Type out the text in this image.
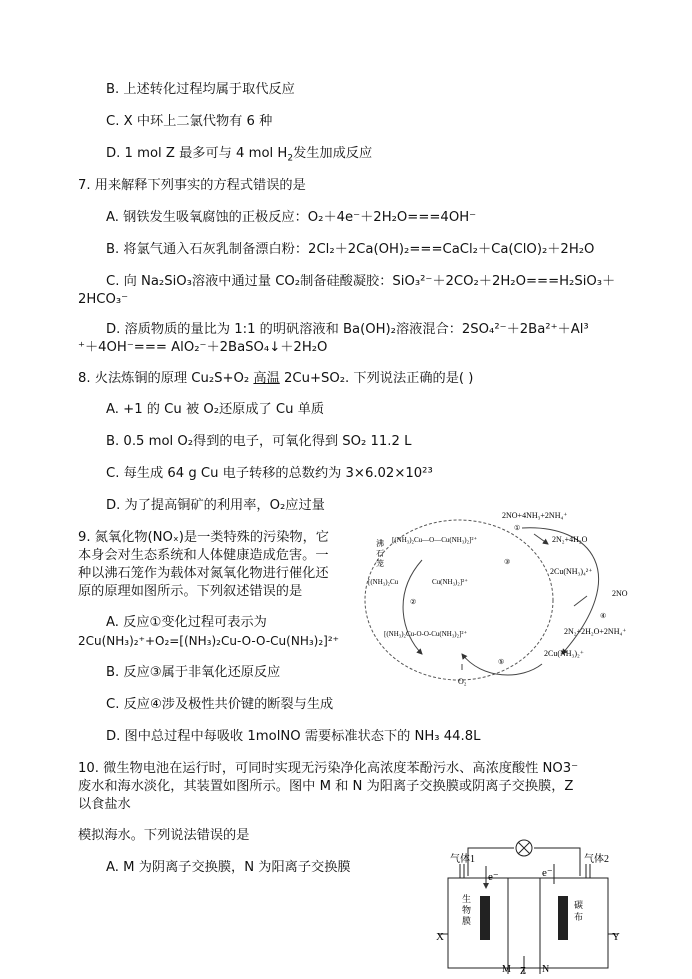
B. 上述转化过程均属于取代反应
C. X 中环上二氯代物有 6 种
D. 1 mol Z 最多可与 4 mol $H_2$发生加成反应
7. 用来解释下列事实的方程式错误的是
A. 钢铁发生吸氧腐蚀的正极反应：O₂＋4e⁻＋2H₂O===4OH⁻
B. 将氯气通入石灰乳制备漂白粉：2Cl₂＋2Ca(OH)₂===CaCl₂＋Ca(ClO)₂＋2H₂O
C. 向 Na₂SiO₃溶液中通过量 CO₂制备硅酸凝胶：SiO₃²⁻＋2CO₂＋2H₂O===H₂SiO₃＋
2HCO₃⁻
D. 溶质物质的量比为 1:1 的明矾溶液和 Ba(OH)₂溶液混合：2SO₄²⁻＋2Ba²⁺＋Al³
⁺＋4OH⁻=== AlO₂⁻＋2BaSO₄↓＋2H₂O
8. 火法炼铜的原理 Cu₂S+O₂ 高温 2Cu+SO₂. 下列说法正确的是( )
A. +1 的 Cu 被 O₂还原成了 Cu 单质
B. 0.5 mol O₂得到的电子，可氧化得到 SO₂ 11.2 L
C. 每生成 64 g Cu 电子转移的总数约为 3×6.02×10²³
D. 为了提高铜矿的利用率，O₂应过量
9. 氮氧化物(NOₓ)是一类特殊的污染物，它
本身会对生态系统和人体健康造成危害。一
种以沸石笼作为载体对氮氧化物进行催化还
原的原理如图所示。下列叙述错误的是
A. 反应①变化过程可表示为
2Cu(NH₃)₂⁺+O₂=[(NH₃)₂Cu-O-O-Cu(NH₃)₂]²⁺
B. 反应③属于非氧化还原反应
C. 反应④涉及极性共价键的断裂与生成
D. 图中总过程中每吸收 1molNO 需要标准状态下的 NH₃ 44.8L
2NO+4NH₃+2NH₄⁺
2N₂+4H₂O
2Cu(NH₃)₄²⁺
2NO
2N₂+2H₂O+2NH₄⁺
2Cu(NH₃)₂⁺
O₂
沸
石
笼
[(NH₃)₂Cu—O—Cu(NH₃)₂]²⁺
[(NH₃)₂Cu	Cu(NH₃)₂]²⁺
[(NH₃)₂Cu-O-O-Cu(NH₃)₂]²⁺
①
②
③
④
⑤
10. 微生物电池在运行时，可同时实现无污染净化高浓度苯酚污水、高浓度酸性 NO3⁻
废水和海水淡化，其装置如图所示。图中 M 和 N 为阳离子交换膜或阴离子交换膜，Z
以食盐水
模拟海水。下列说法错误的是
A. M 为阴离子交换膜，N 为阳离子交换膜
气体1	气体2
e⁻	e⁻
生
物
膜
碳
布
X	Y
M Z N
